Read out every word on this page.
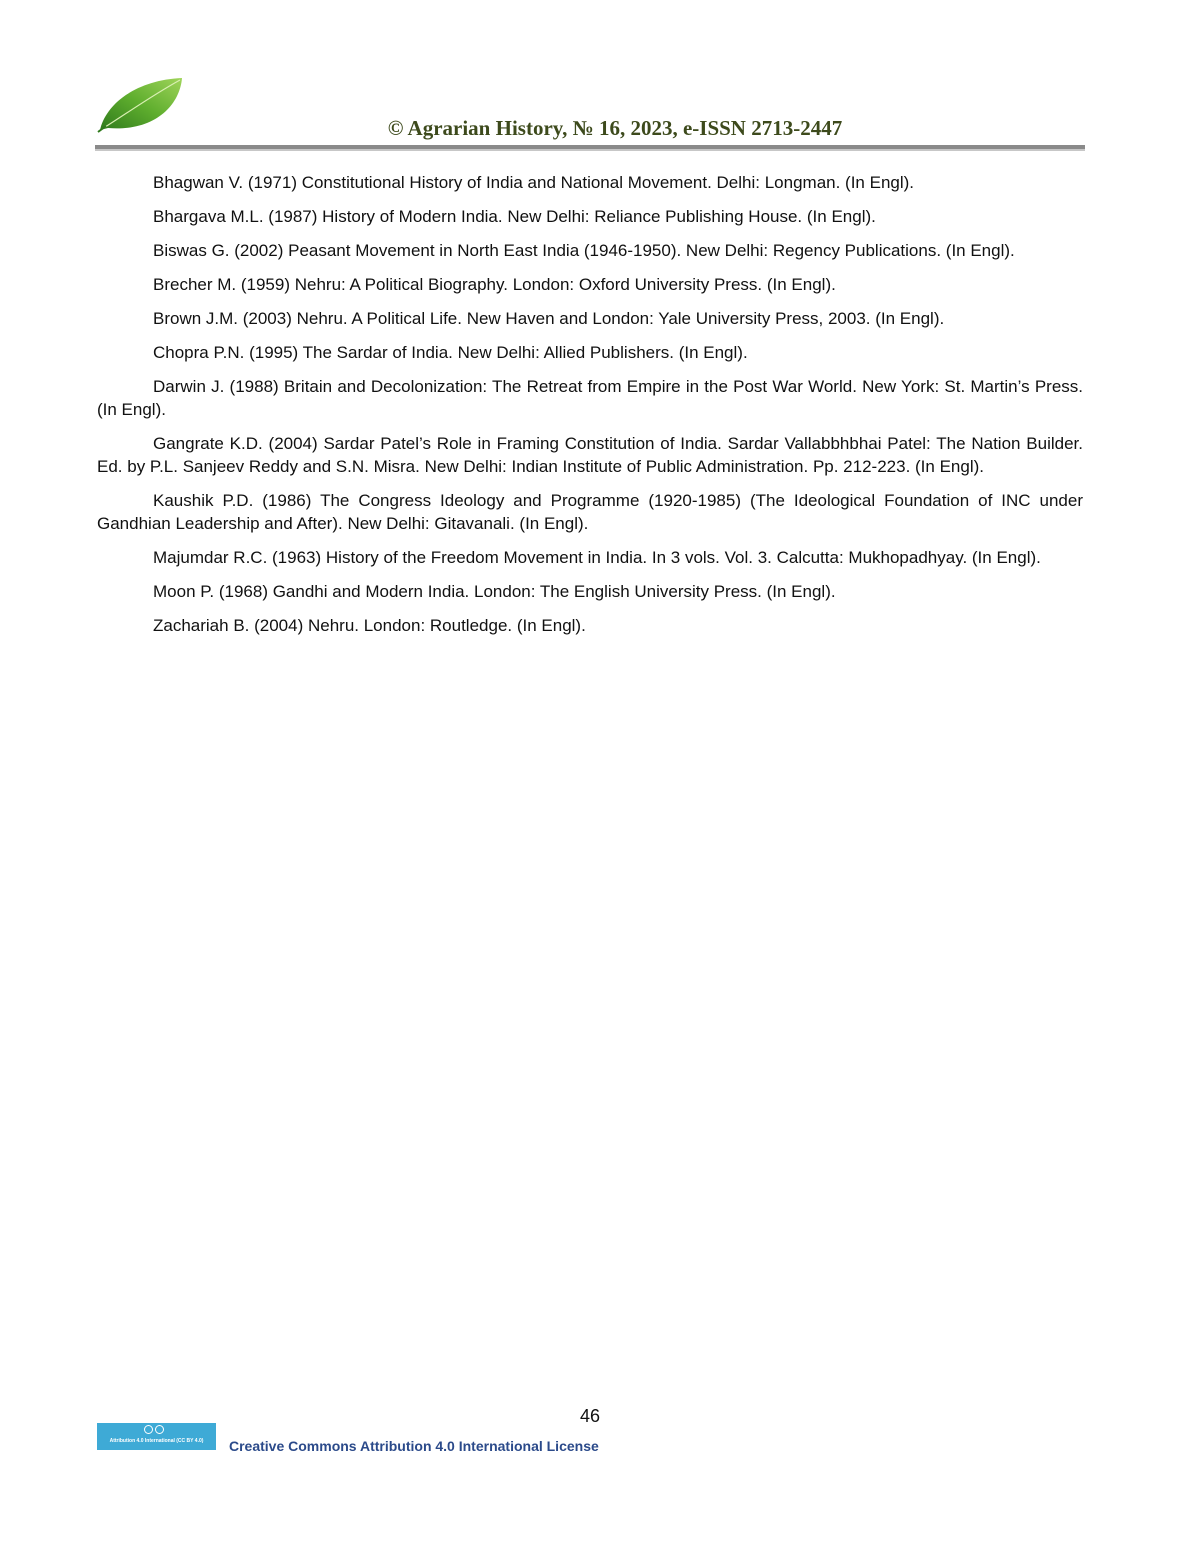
© Agrarian History, № 16, 2023, e-ISSN 2713-2447
Bhagwan V. (1971) Constitutional History of India and National Movement. Delhi: Longman. (In Engl).
Bhargava M.L. (1987) History of Modern India. New Delhi: Reliance Publishing House. (In Engl).
Biswas G. (2002) Peasant Movement in North East India (1946-1950). New Delhi: Regency Publications. (In Engl).
Brecher M. (1959) Nehru: A Political Biography. London: Oxford University Press. (In Engl).
Brown J.M. (2003) Nehru. A Political Life. New Haven and London: Yale University Press, 2003. (In Engl).
Chopra P.N. (1995) The Sardar of India. New Delhi: Allied Publishers. (In Engl).
Darwin J. (1988) Britain and Decolonization: The Retreat from Empire in the Post War World. New York: St. Martin’s Press. (In Engl).
Gangrate K.D. (2004) Sardar Patel’s Role in Framing Constitution of India. Sardar Vallabbhbhai Patel: The Nation Builder. Ed. by P.L. Sanjeev Reddy and S.N. Misra. New Delhi: Indian Institute of Public Administration. Pp. 212-223. (In Engl).
Kaushik P.D. (1986) The Congress Ideology and Programme (1920-1985) (The Ideological Foundation of INC under Gandhian Leadership and After). New Delhi: Gitavanali. (In Engl).
Majumdar R.C. (1963) History of the Freedom Movement in India. In 3 vols. Vol. 3. Calcutta: Mukhopadhyay. (In Engl).
Moon P. (1968) Gandhi and Modern India. London: The English University Press. (In Engl).
Zachariah B. (2004) Nehru. London: Routledge. (In Engl).
46
Attribution 4.0 International (CC BY 4.0)	Creative Commons Attribution 4.0 International License
